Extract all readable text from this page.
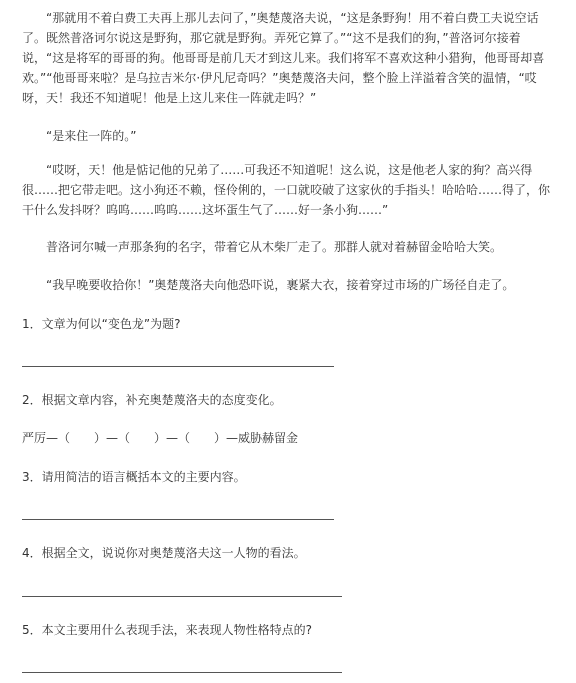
“那就用不着白费工夫再上那儿去问了，”奥楚蔑洛夫说，“这是条野狗！用不着白费工夫说空话了。既然普洛诃尔说这是野狗，那它就是野狗。弄死它算了。”“这不是我们的狗，”普洛诃尔接着说，“这是将军的哥哥的狗。他哥哥是前几天才到这儿来。我们将军不喜欢这种小猎狗，他哥哥却喜欢。”“他哥哥来啦？是乌拉吉米尔·伊凡尼奇吗？”奥楚蔑洛夫问，整个脸上洋溢着含笑的温情，“哎呀，天！我还不知道呢！他是上这儿来住一阵就走吗？”

“是来住一阵的。”

“哎呀，天！他是惦记他的兄弟了……可我还不知道呢！这么说，这是他老人家的狗？高兴得很……把它带走吧。这小狗还不赖，怪伶俐的，一口就咬破了这家伙的手指头！哈哈哈……得了，你干什么发抖呀？呜呜……呜呜……这坏蛋生气了……好一条小狗……”

普洛诃尔喊一声那条狗的名字，带着它从木柴厂走了。那群人就对着赫留金哈哈大笑。

“我早晚要收拾你！”奥楚蔑洛夫向他恐吓说，裹紧大衣，接着穿过市场的广场径自走了。

1．文章为何以“变色龙”为题?
2．根据文章内容，补充奥楚蔑洛夫的态度变化。
严厉—（　　）—（　　）—（　　）—威胁赫留金
3．请用简洁的语言概括本文的主要内容。
4．根据全文，说说你对奥楚蔑洛夫这一人物的看法。
5．本文主要用什么表现手法，来表现人物性格特点的?
